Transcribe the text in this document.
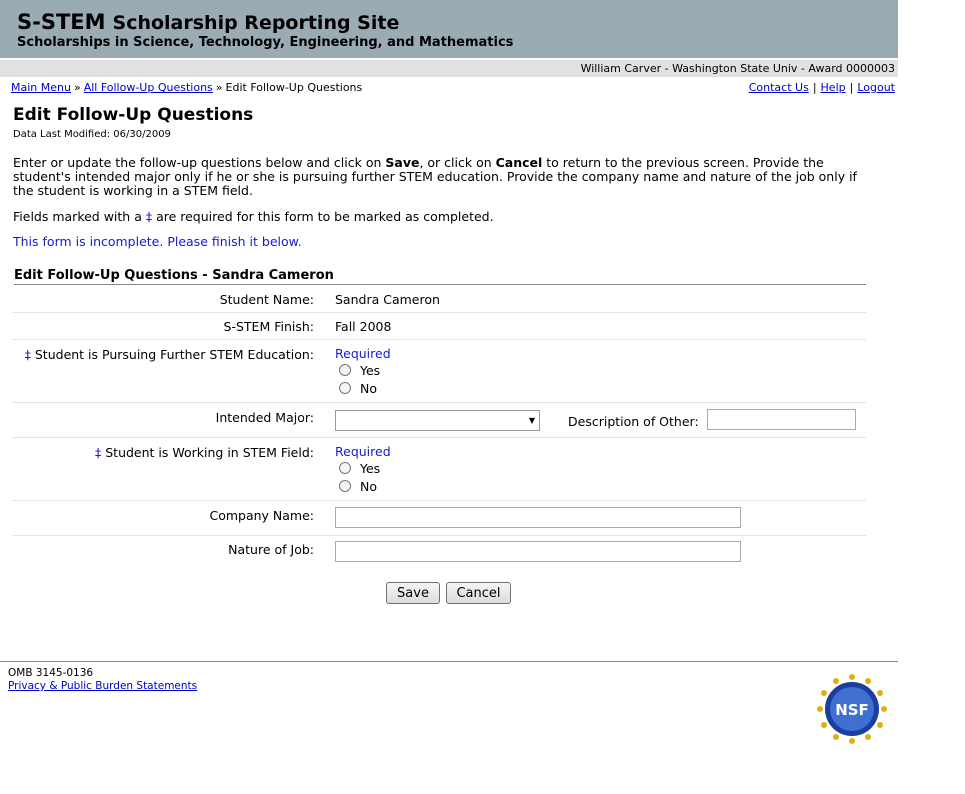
S-STEM Scholarship Reporting Site
Scholarships in Science, Technology, Engineering, and Mathematics
William Carver - Washington State Univ - Award 0000003
Main Menu » All Follow-Up Questions » Edit Follow-Up Questions	Contact Us | Help | Logout
Edit Follow-Up Questions
Data Last Modified: 06/30/2009
Enter or update the follow-up questions below and click on Save, or click on Cancel to return to the previous screen. Provide the student's intended major only if he or she is pursuing further STEM education. Provide the company name and nature of the job only if the student is working in a STEM field.
Fields marked with a ‡ are required for this form to be marked as completed.
This form is incomplete. Please finish it below.
Edit Follow-Up Questions - Sandra Cameron
Student Name: Sandra Cameron
S-STEM Finish: Fall 2008
‡ Student is Pursuing Further STEM Education: Required
Yes
No
Intended Major:	▼	Description of Other:
‡ Student is Working in STEM Field: Required
Yes
No
Company Name:
Nature of Job:
Save	Cancel
OMB 3145-0136
Privacy & Public Burden Statements
NSF
